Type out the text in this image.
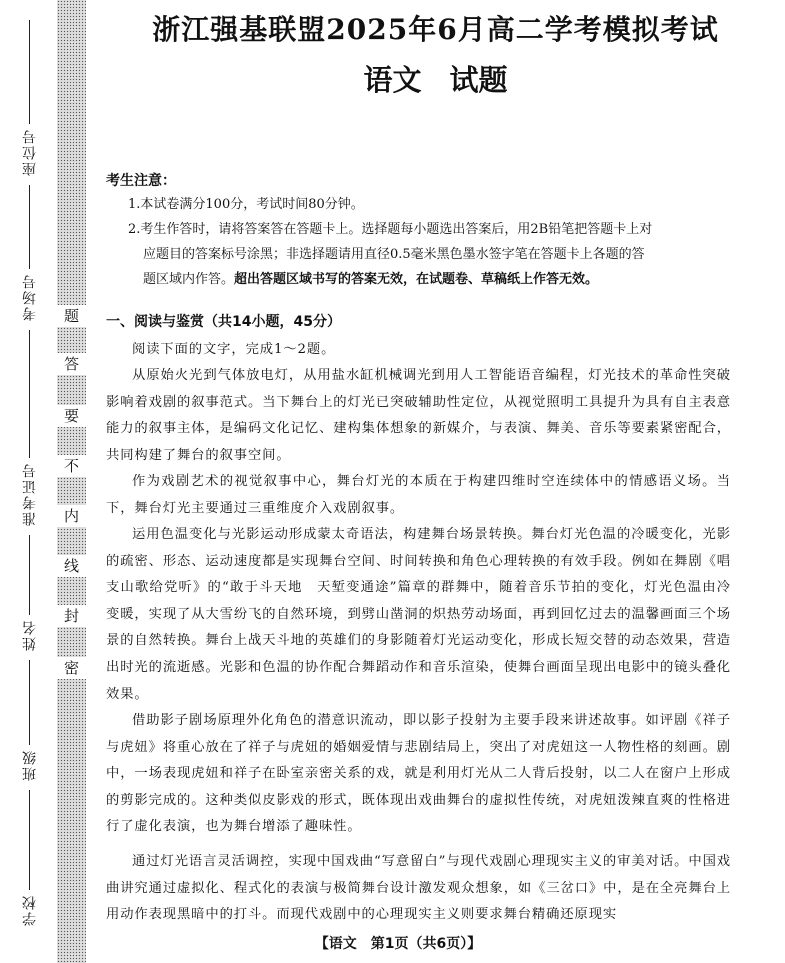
座位号
考场号
准考证号
姓名
班级
学校
题
答
要
不
内
线
封
密
浙江强基联盟2025年6月高二学考模拟考试
语文 试题
考生注意：
1.本试卷满分100分，考试时间80分钟。
2.考生作答时，请将答案答在答题卡上。选择题每小题选出答案后，用2B铅笔把答题卡上对
应题目的答案标号涂黑；非选择题请用直径0.5毫米黑色墨水签字笔在答题卡上各题的答
题区域内作答。超出答题区域书写的答案无效，在试题卷、草稿纸上作答无效。
一、阅读与鉴赏（共14小题，45分）
阅读下面的文字，完成1～2题。
从原始火光到气体放电灯，从用盐水缸机械调光到用人工智能语音编程，灯光技术的革命性突破影响着戏剧的叙事范式。当下舞台上的灯光已突破辅助性定位，从视觉照明工具提升为具有自主表意能力的叙事主体，是编码文化记忆、建构集体想象的新媒介，与表演、舞美、音乐等要素紧密配合，共同构建了舞台的叙事空间。
作为戏剧艺术的视觉叙事中心，舞台灯光的本质在于构建四维时空连续体中的情感语义场。当下，舞台灯光主要通过三重维度介入戏剧叙事。
运用色温变化与光影运动形成蒙太奇语法，构建舞台场景转换。舞台灯光色温的冷暖变化，光影的疏密、形态、运动速度都是实现舞台空间、时间转换和角色心理转换的有效手段。例如在舞剧《唱支山歌给党听》的“敢于斗天地　天堑变通途”篇章的群舞中，随着音乐节拍的变化，灯光色温由冷变暖，实现了从大雪纷飞的自然环境，到劈山凿洞的炽热劳动场面，再到回忆过去的温馨画面三个场景的自然转换。舞台上战天斗地的英雄们的身影随着灯光运动变化，形成长短交替的动态效果，营造出时光的流逝感。光影和色温的协作配合舞蹈动作和音乐渲染，使舞台画面呈现出电影中的镜头叠化效果。
借助影子剧场原理外化角色的潜意识流动，即以影子投射为主要手段来讲述故事。如评剧《祥子与虎妞》将重心放在了祥子与虎妞的婚姻爱情与悲剧结局上，突出了对虎妞这一人物性格的刻画。剧中，一场表现虎妞和祥子在卧室亲密关系的戏，就是利用灯光从二人背后投射，以二人在窗户上形成的剪影完成的。这种类似皮影戏的形式，既体现出戏曲舞台的虚拟性传统，对虎妞泼辣直爽的性格进行了虚化表演，也为舞台增添了趣味性。
通过灯光语言灵活调控，实现中国戏曲“写意留白”与现代戏剧心理现实主义的审美对话。中国戏曲讲究通过虚拟化、程式化的表演与极简舞台设计激发观众想象，如《三岔口》中，是在全亮舞台上用动作表现黑暗中的打斗。而现代戏剧中的心理现实主义则要求舞台精确还原现实
【语文　第1页（共6页）】
